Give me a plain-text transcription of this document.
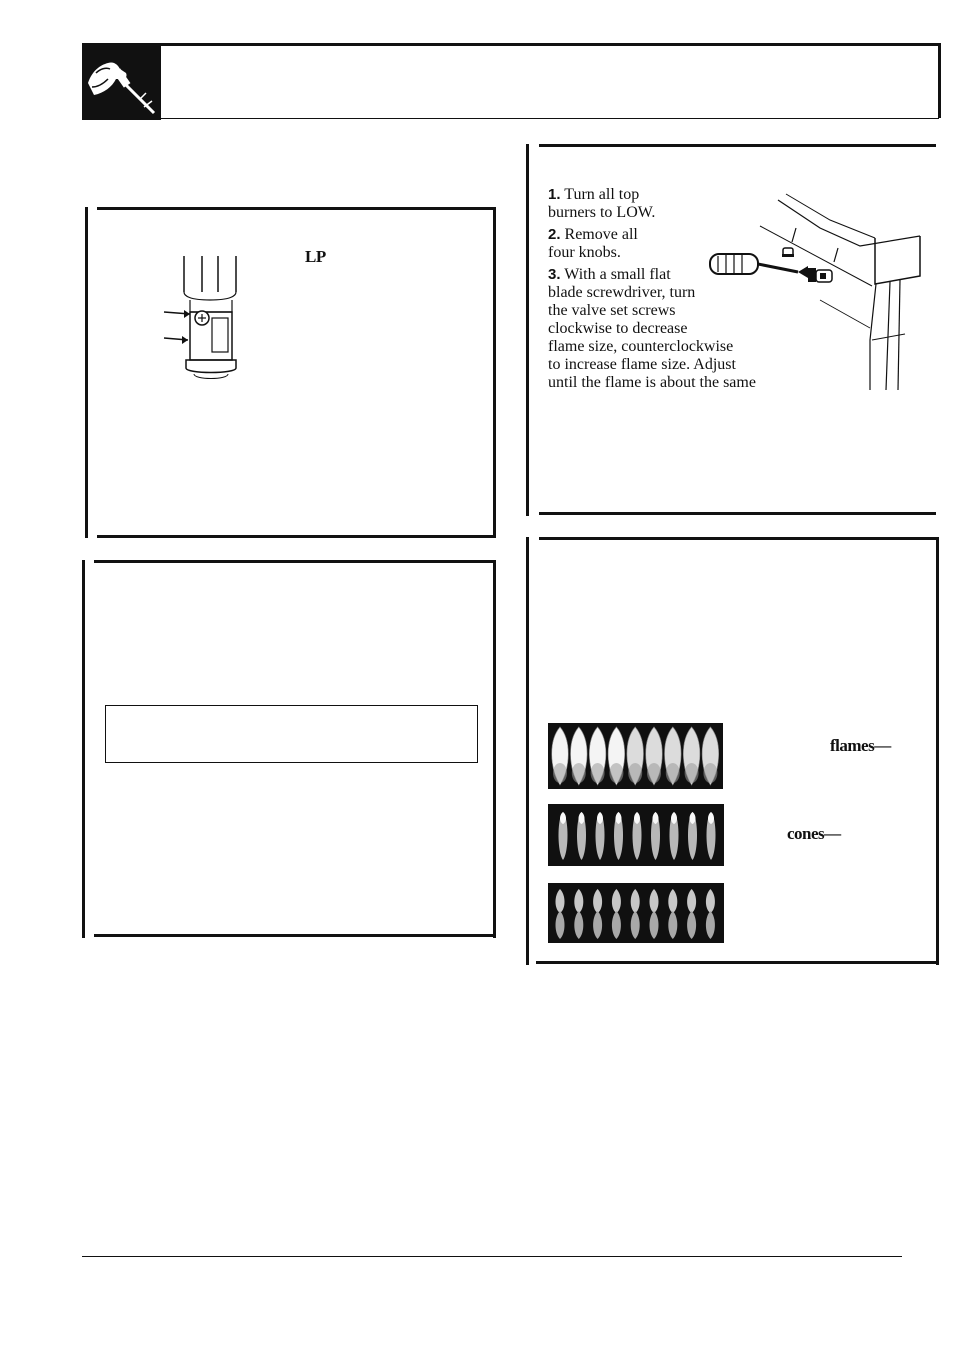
LP

1. Turn all top
burners to LOW.

2. Remove all
four knobs.

3. With a small flat
blade screwdriver, turn
the valve set screws
clockwise to decrease
flame size, counterclockwise
to increase flame size. Adjust
until the flame is about the same

flames—
cones—
